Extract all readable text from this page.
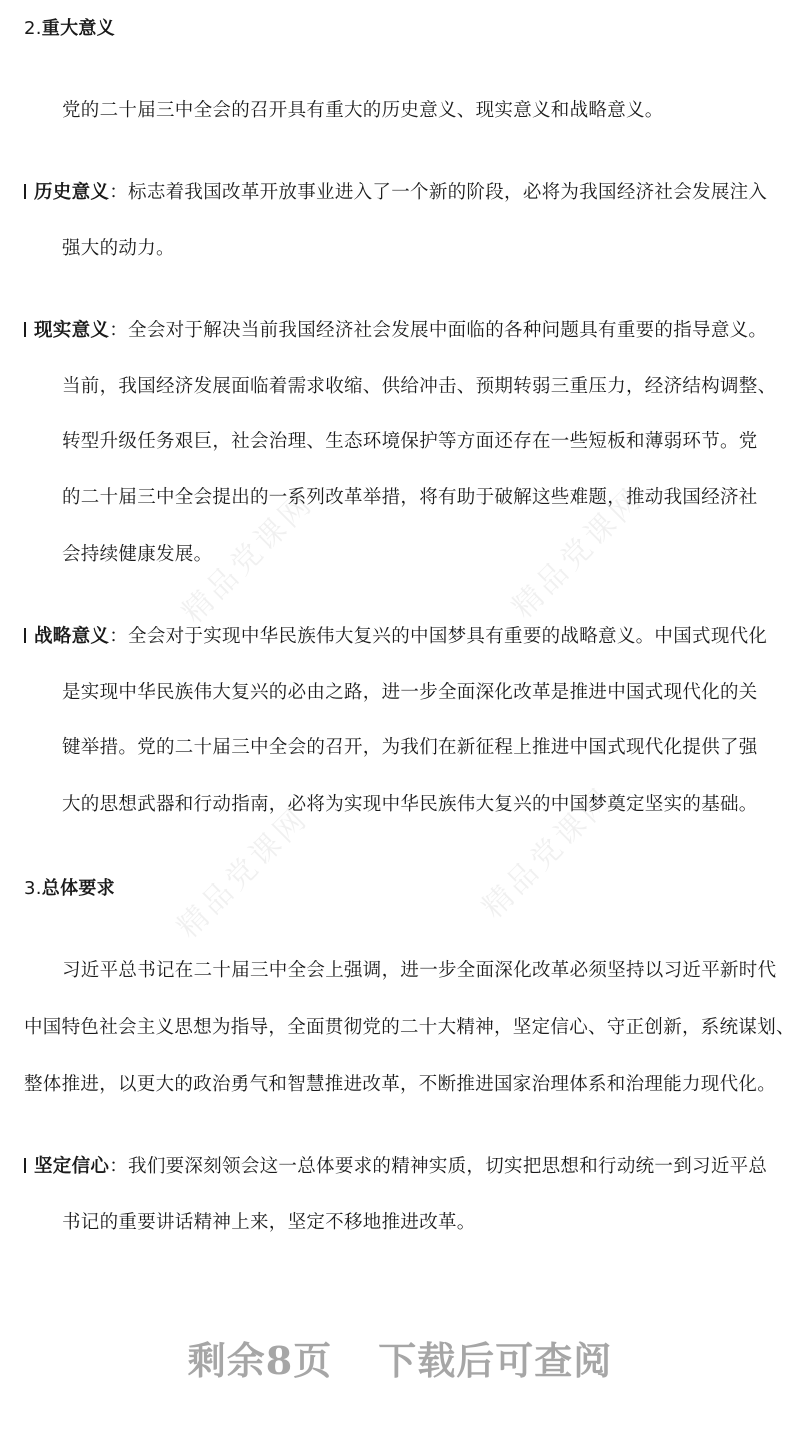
精品党课网	精品党课网
精品党课网	精品党课网
2.重大意义
党的二十届三中全会的召开具有重大的历史意义、现实意义和战略意义。
历史意义：标志着我国改革开放事业进入了一个新的阶段，必将为我国经济社会发展注入
强大的动力。
现实意义：全会对于解决当前我国经济社会发展中面临的各种问题具有重要的指导意义。
当前，我国经济发展面临着需求收缩、供给冲击、预期转弱三重压力，经济结构调整、
转型升级任务艰巨，社会治理、生态环境保护等方面还存在一些短板和薄弱环节。党
的二十届三中全会提出的一系列改革举措，将有助于破解这些难题，推动我国经济社
会持续健康发展。
战略意义：全会对于实现中华民族伟大复兴的中国梦具有重要的战略意义。中国式现代化
是实现中华民族伟大复兴的必由之路，进一步全面深化改革是推进中国式现代化的关
键举措。党的二十届三中全会的召开，为我们在新征程上推进中国式现代化提供了强
大的思想武器和行动指南，必将为实现中华民族伟大复兴的中国梦奠定坚实的基础。
3.总体要求
习近平总书记在二十届三中全会上强调，进一步全面深化改革必须坚持以习近平新时代
中国特色社会主义思想为指导，全面贯彻党的二十大精神，坚定信心、守正创新，系统谋划、
整体推进，以更大的政治勇气和智慧推进改革，不断推进国家治理体系和治理能力现代化。
坚定信心：我们要深刻领会这一总体要求的精神实质，切实把思想和行动统一到习近平总
书记的重要讲话精神上来，坚定不移地推进改革。
剩余8页 下载后可查阅
